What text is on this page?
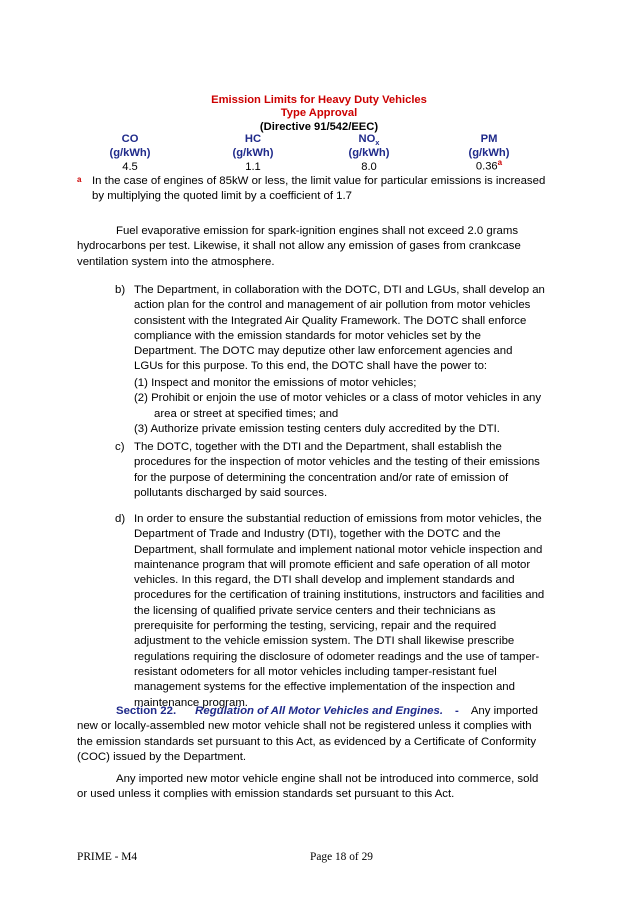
Emission Limits for Heavy Duty Vehicles
Type Approval
(Directive 91/542/EEC)
CO	HC	$NO_x$	PM
(g/kWh)	(g/kWh)	(g/kWh)	(g/kWh)
4.5	1.1	8.0	0.36$^a$
a In the case of engines of 85kW or less, the limit value for particular emissions is increased
by multiplying the quoted limit by a coefficient of 1.7

Fuel evaporative emission for spark-ignition engines shall not exceed 2.0 grams

hydrocarbons per test. Likewise, it shall not allow any emission of gases from crankcase

ventilation system into the atmosphere.

b) The Department, in collaboration with the DOTC, DTI and LGUs, shall develop an

action plan for the control and management of air pollution from motor vehicles

consistent with the Integrated Air Quality Framework. The DOTC shall enforce

compliance with the emission standards for motor vehicles set by the

Department. The DOTC may deputize other law enforcement agencies and

LGUs for this purpose. To this end, the DOTC shall have the power to:

(1) Inspect and monitor the emissions of motor vehicles;

(2) Prohibit or enjoin the use of motor vehicles or a class of motor vehicles in any

area or street at specified times; and

(3) Authorize private emission testing centers duly accredited by the DTI.

c) The DOTC, together with the DTI and the Department, shall establish the

procedures for the inspection of motor vehicles and the testing of their emissions

for the purpose of determining the concentration and/or rate of emission of

pollutants discharged by said sources.

d) In order to ensure the substantial reduction of emissions from motor vehicles, the

Department of Trade and Industry (DTI), together with the DOTC and the

Department, shall formulate and implement national motor vehicle inspection and

maintenance program that will promote efficient and safe operation of all motor

vehicles. In this regard, the DTI shall develop and implement standards and

procedures for the certification of training institutions, instructors and facilities and

the licensing of qualified private service centers and their technicians as

prerequisite for performing the testing, servicing, repair and the required

adjustment to the vehicle emission system. The DTI shall likewise prescribe

regulations requiring the disclosure of odometer readings and the use of tamper-

resistant odometers for all motor vehicles including tamper-resistant fuel

management systems for the effective implementation of the inspection and

maintenance program.

Section 22. Regulation of All Motor Vehicles and Engines. - Any imported

new or locally-assembled new motor vehicle shall not be registered unless it complies with

the emission standards set pursuant to this Act, as evidenced by a Certificate of Conformity

(COC) issued by the Department.

Any imported new motor vehicle engine shall not be introduced into commerce, sold

or used unless it complies with emission standards set pursuant to this Act.

PRIME - M4	Page 18 of 29
